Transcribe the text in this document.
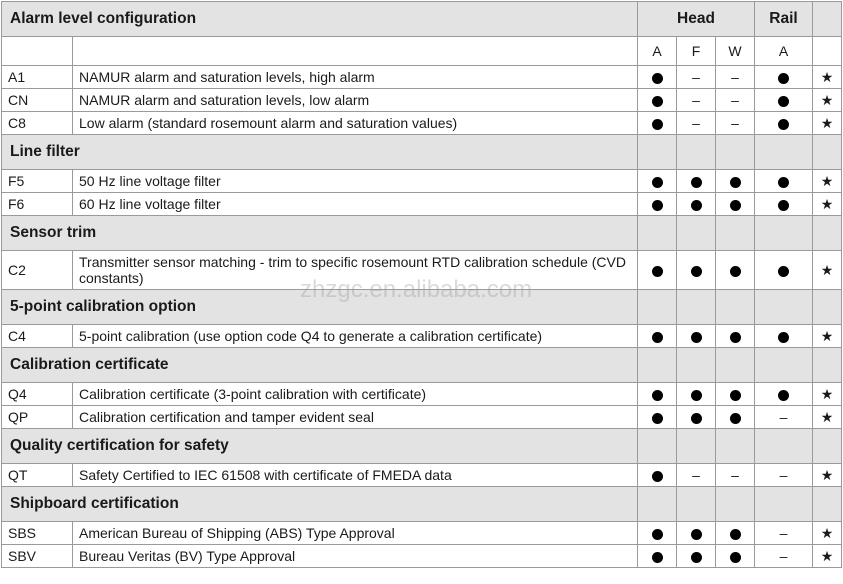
Alarm level configuration		Head			Rail	
		A	F	W	A	
A1	NAMUR alarm and saturation levels, high alarm		–	–		★
CN	NAMUR alarm and saturation levels, low alarm		–	–		★
C8	Low alarm (standard rosemount alarm and saturation values)		–	–		★
Line filter						
F5	50 Hz line voltage filter					★
F6	60 Hz line voltage filter					★
Sensor trim						
C2	Transmitter sensor matching - trim to specific rosemount RTD calibration schedule (CVD constants)					★
5-point calibration option						
C4	5-point calibration (use option code Q4 to generate a calibration certificate)					★
Calibration certificate						
Q4	Calibration certificate (3-point calibration with certificate)					★
QP	Calibration certification and tamper evident seal				–	★
Quality certification for safety						
QT	Safety Certified to IEC 61508 with certificate of FMEDA data		–	–	–	★
Shipboard certification						
SBS	American Bureau of Shipping (ABS) Type Approval				–	★
SBV	Bureau Veritas (BV) Type Approval				–	★
zhzgc.en.alibaba.com
